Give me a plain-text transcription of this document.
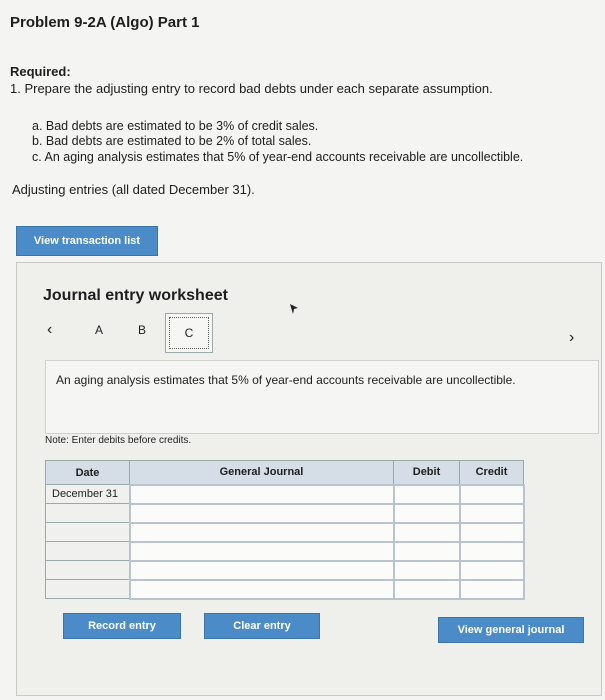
Problem 9-2A (Algo) Part 1
Required:
1. Prepare the adjusting entry to record bad debts under each separate assumption.
a. Bad debts are estimated to be 3% of credit sales.
b. Bad debts are estimated to be 2% of total sales.
c. An aging analysis estimates that 5% of year-end accounts receivable are uncollectible.
Adjusting entries (all dated December 31).
View transaction list
Journal entry worksheet
‹	A	B	C	›
An aging analysis estimates that 5% of year-end accounts receivable are uncollectible.
Note: Enter debits before credits.
Date	General Journal	Debit	Credit
December 31			

Record entry	Clear entry	View general journal
